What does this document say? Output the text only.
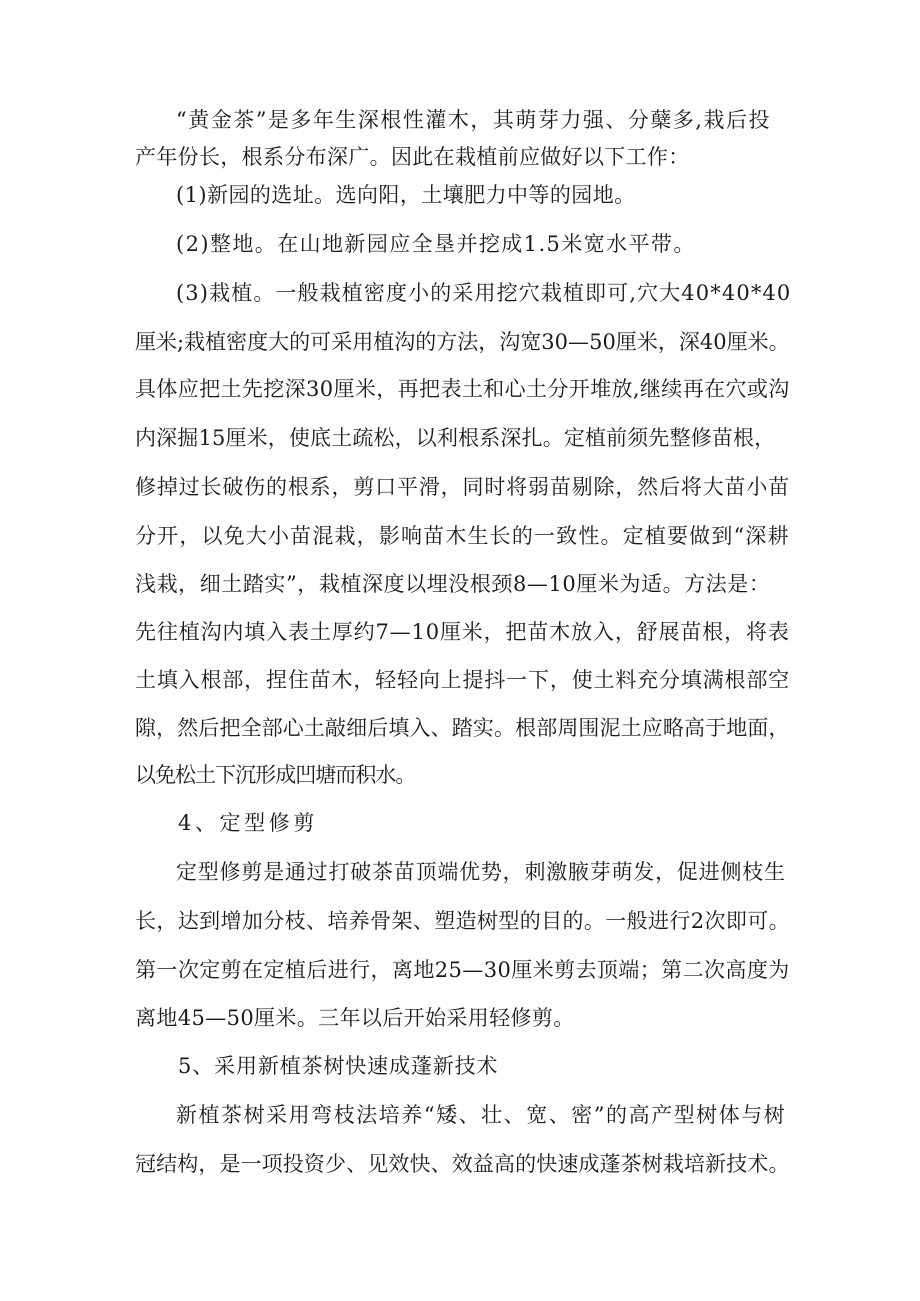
“黄金茶”是多年生深根性灌木，其萌芽力强、分蘖多,栽后投
产年份长，根系分布深广。因此在栽植前应做好以下工作：
(1)新园的选址。选向阳，土壤肥力中等的园地。
(2)整地。在山地新园应全垦并挖成1.5米宽水平带。
(3)栽植。一般栽植密度小的采用挖穴栽植即可,穴大40*40*40
厘米;栽植密度大的可采用植沟的方法，沟宽30—50厘米，深40厘米。
具体应把土先挖深30厘米，再把表土和心土分开堆放,继续再在穴或沟
内深掘15厘米，使底土疏松，以利根系深扎。定植前须先整修苗根，
修掉过长破伤的根系，剪口平滑，同时将弱苗剔除，然后将大苗小苗
分开，以免大小苗混栽，影响苗木生长的一致性。定植要做到“深耕
浅栽，细土踏实”，栽植深度以埋没根颈8—10厘米为适。方法是：
先往植沟内填入表土厚约7—10厘米，把苗木放入，舒展苗根，将表
土填入根部，捏住苗木，轻轻向上提抖一下，使土料充分填满根部空
隙，然后把全部心土敲细后填入、踏实。根部周围泥土应略高于地面，
以免松土下沉形成凹塘而积水。
4、定型修剪
定型修剪是通过打破茶苗顶端优势，刺激腋芽萌发，促进侧枝生
长，达到增加分枝、培养骨架、塑造树型的目的。一般进行2次即可。
第一次定剪在定植后进行，离地25—30厘米剪去顶端；第二次高度为
离地45—50厘米。三年以后开始采用轻修剪。
5、采用新植茶树快速成蓬新技术
新植茶树采用弯枝法培养“矮、壮、宽、密”的高产型树体与树
冠结构，是一项投资少、见效快、效益高的快速成蓬茶树栽培新技术。
